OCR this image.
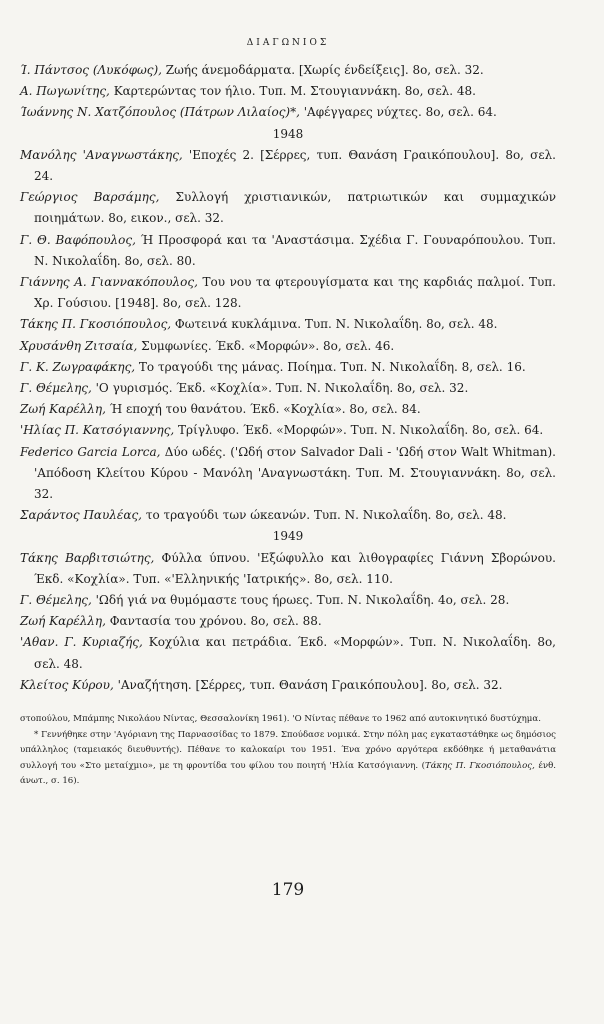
ΔΙΑΓΩΝΙΟΣ
Ί. Πάντσος (Λυκόφως), Ζωής άνεμοδάρματα. [Χωρίς ένδείξεις]. 8o, σελ. 32.
Α. Πωγωνίτης, Καρτερώντας τον ήλιο. Τυπ. Μ. Στουγιαννάκη. 8o, σελ. 48.
Ίωάννης Ν. Χατζόπουλος (Πάτρων Λιλαίος)*, 'Αφέγγαρες νύχτες. 8o, σελ. 64.
1948
Μανόλης 'Αναγνωστάκης, 'Εποχές 2. [Σέρρες, τυπ. Θανάση Γραικόπουλου]. 8o, σελ. 24.
Γεώργιος Βαρσάμης, Συλλογή χριστιανικών, πατριωτικών και συμμαχικών ποιημάτων. 8o, εικον., σελ. 32.
Γ. Θ. Βαφόπουλος, Ή Προσφορά και τα 'Αναστάσιμα. Σχέδια Γ. Γουναρόπουλου. Τυπ. Ν. Νικολαΐδη. 8o, σελ. 80.
Γιάννης Α. Γιαννακόπουλος, Του νου τα φτερουγίσματα και της καρδιάς παλμοί. Τυπ. Χρ. Γούσιου. [1948]. 8o, σελ. 128.
Τάκης Π. Γκοσιόπουλος, Φωτεινά κυκλάμινα. Τυπ. Ν. Νικολαΐδη. 8o, σελ. 48.
Χρυσάνθη Ζιτσαία, Συμφωνίες. Έκδ. «Μορφών». 8o, σελ. 46.
Γ. Κ. Ζωγραφάκης, Το τραγούδι της μάνας. Ποίημα. Τυπ. Ν. Νικολαΐδη. 8, σελ. 16.
Γ. Θέμελης, 'Ο γυρισμός. Έκδ. «Κοχλία». Τυπ. Ν. Νικολαΐδη. 8o, σελ. 32.
Ζωή Καρέλλη, Ή εποχή του θανάτου. Έκδ. «Κοχλία». 8o, σελ. 84.
'Ηλίας Π. Κατσόγιαννης, Τρίγλυφο. Έκδ. «Μορφών». Τυπ. Ν. Νικολαΐδη. 8o, σελ. 64.
Federico Garcia Lorca, Δύο ωδές. ('Ωδή στον Salvador Dali - 'Ωδή στον Walt Whitman). 'Απόδοση Κλείτου Κύρου - Μανόλη 'Αναγνωστάκη. Τυπ. Μ. Στουγιαννάκη. 8o, σελ. 32.
Σαράντος Παυλέας, το τραγούδι των ώκεανών. Τυπ. Ν. Νικολαΐδη. 8o, σελ. 48.
1949
Τάκης Βαρβιτσιώτης, Φύλλα ύπνου. 'Εξώφυλλο και λιθογραφίες Γιάννη Σβορώνου. Έκδ. «Κοχλία». Τυπ. «'Ελληνικής 'Ιατρικής». 8o, σελ. 110.
Γ. Θέμελης, 'Ωδή γιά να θυμόμαστε τους ήρωες. Τυπ. Ν. Νικολαΐδη. 4o, σελ. 28.
Ζωή Καρέλλη, Φαντασία του χρόνου. 8o, σελ. 88.
'Αθαν. Γ. Κυριαζής, Κοχύλια και πετράδια. Έκδ. «Μορφών». Τυπ. Ν. Νικολαΐδη. 8o, σελ. 48.
Κλείτος Κύρου, 'Αναζήτηση. [Σέρρες, τυπ. Θανάση Γραικόπουλου]. 8o, σελ. 32.
στοπούλου, Μπάμπης Νικολάου Νίντας, Θεσσαλονίκη 1961). 'Ο Νίντας πέθανε το 1962 από αυτοκινητικό δυστύχημα.
* Γεννήθηκε στην 'Αγόριανη της Παρνασσίδας το 1879. Σπούδασε νομικά. Στην πόλη μας εγκαταστάθηκε ως δημόσιος υπάλληλος (ταμειακός διευθυντής). Πέθανε το καλοκαίρι του 1951. Ένα χρόνο αργότερα εκδόθηκε ή μεταθανάτια συλλογή του «Στο μεταίχμιο», με τη φροντίδα του φίλου του ποιητή 'Ηλία Κατσόγιαννη. (Τάκης Π. Γκοσιόπουλος, ένθ. άνωτ., σ. 16).
179
